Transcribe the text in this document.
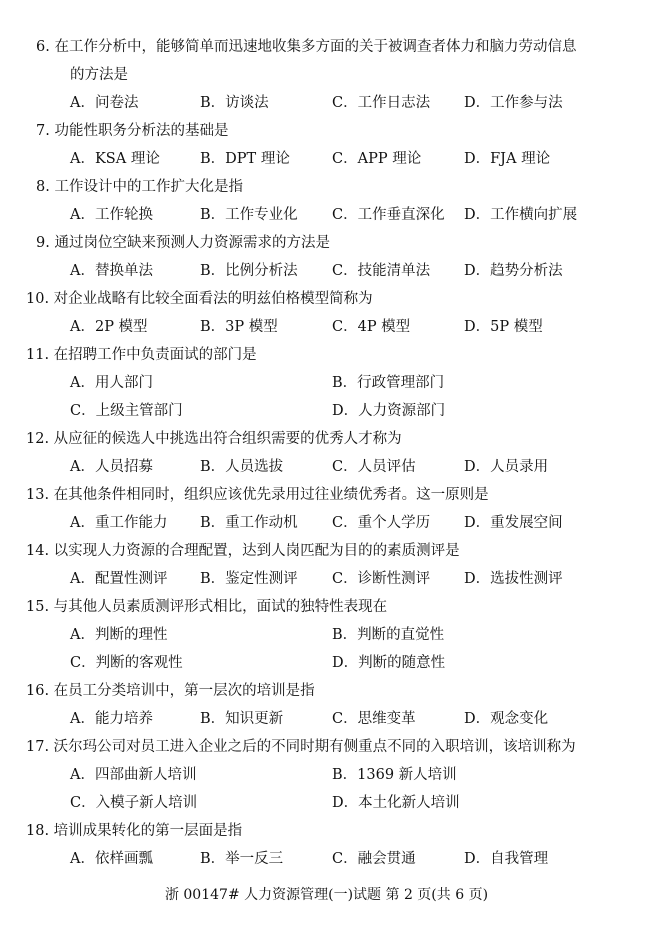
6. 在工作分析中，能够简单而迅速地收集多方面的关于被调查者体力和脑力劳动信息
的方法是
A．问卷法	B．访谈法	C．工作日志法 D．工作参与法
7. 功能性职务分析法的基础是
A．KSA 理论	B．DPT 理论	C．APP 理论	D．FJA 理论
8. 工作设计中的工作扩大化是指
A．工作轮换	B．工作专业化 C．工作垂直深化 D．工作横向扩展
9. 通过岗位空缺来预测人力资源需求的方法是
A．替换单法	B．比例分析法 C．技能清单法 D．趋势分析法
10. 对企业战略有比较全面看法的明兹伯格模型简称为
A．2P 模型	B．3P 模型	C．4P 模型	D．5P 模型
11. 在招聘工作中负责面试的部门是
A．用人部门	B．行政管理部门
C．上级主管部门	D．人力资源部门
12. 从应征的候选人中挑选出符合组织需要的优秀人才称为
A．人员招募	B．人员选拔	C．人员评估	D．人员录用
13. 在其他条件相同时，组织应该优先录用过往业绩优秀者。这一原则是
A．重工作能力 B．重工作动机 C．重个人学历 D．重发展空间
14. 以实现人力资源的合理配置，达到人岗匹配为目的的素质测评是
A．配置性测评 B．鉴定性测评 C．诊断性测评 D．选拔性测评
15. 与其他人员素质测评形式相比，面试的独特性表现在
A．判断的理性	B．判断的直觉性
C．判断的客观性	D．判断的随意性
16. 在员工分类培训中，第一层次的培训是指
A．能力培养	B．知识更新	C．思维变革	D．观念变化
17. 沃尔玛公司对员工进入企业之后的不同时期有侧重点不同的入职培训，该培训称为
A．四部曲新人培训	B．1369 新人培训
C．入模子新人培训	D．本土化新人培训
18. 培训成果转化的第一层面是指
A．依样画瓢	B．举一反三	C．融会贯通	D．自我管理
浙 00147# 人力资源管理(一)试题 第 2 页(共 6 页)
